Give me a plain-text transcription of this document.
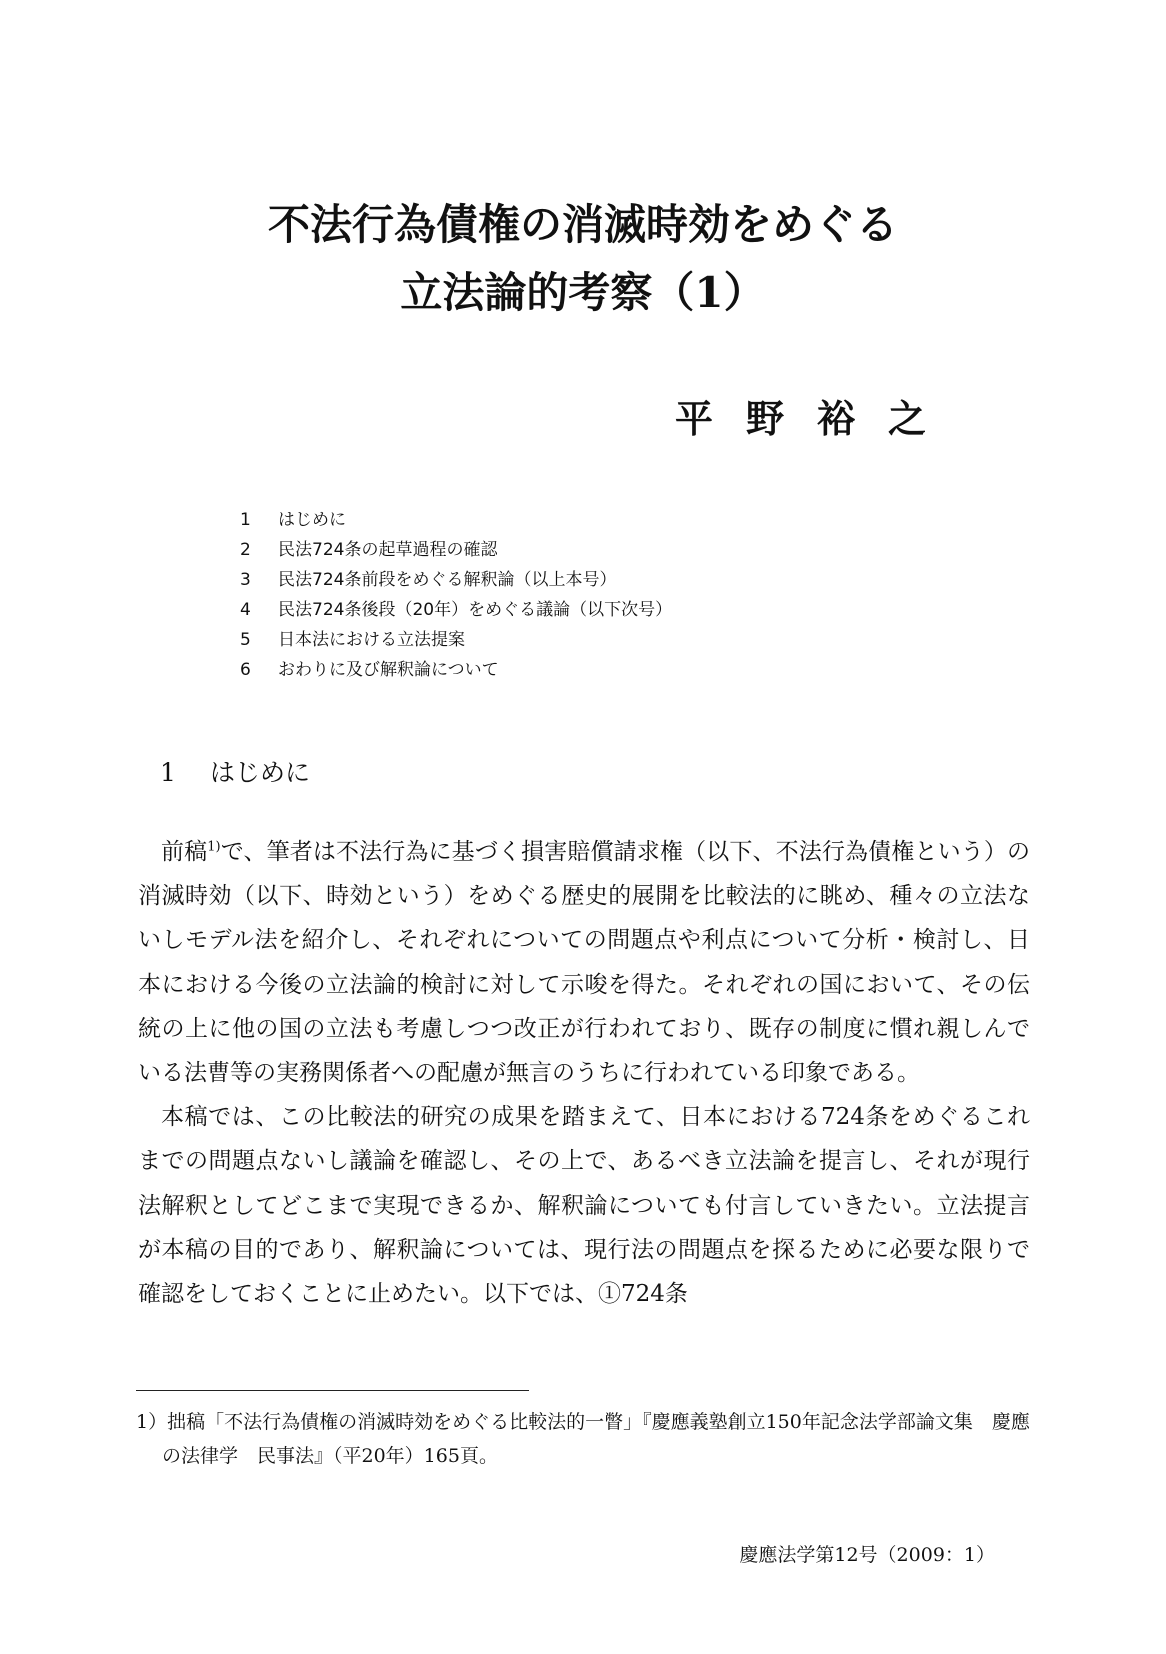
不法行為債権の消滅時効をめぐる
立法論的考察（1）
平野裕之
1 はじめに
2 民法724条の起草過程の確認
3 民法724条前段をめぐる解釈論（以上本号）
4 民法724条後段（20年）をめぐる議論（以下次号）
5 日本法における立法提案
6 おわりに及び解釈論について
1 はじめに

前稿$^{1)}$で、筆者は不法行為に基づく損害賠償請求権（以下、不法行為債権という）の消滅時効（以下、時効という）をめぐる歴史的展開を比較法的に眺め、種々の立法ないしモデル法を紹介し、それぞれについての問題点や利点について分析・検討し、日本における今後の立法論的検討に対して示唆を得た。それぞれの国において、その伝統の上に他の国の立法も考慮しつつ改正が行われており、既存の制度に慣れ親しんでいる法曹等の実務関係者への配慮が無言のうちに行われている印象である。

本稿では、この比較法的研究の成果を踏まえて、日本における724条をめぐるこれまでの問題点ないし議論を確認し、その上で、あるべき立法論を提言し、それが現行法解釈としてどこまで実現できるか、解釈論についても付言していきたい。立法提言が本稿の目的であり、解釈論については、現行法の問題点を探るために必要な限りで確認をしておくことに止めたい。以下では、①724条

1）拙稿「不法行為債権の消滅時効をめぐる比較法的一瞥」『慶應義塾創立150年記念法学部論文集　慶應の法律学　民事法』（平20年）165頁。
慶應法学第12号（2009：1）
